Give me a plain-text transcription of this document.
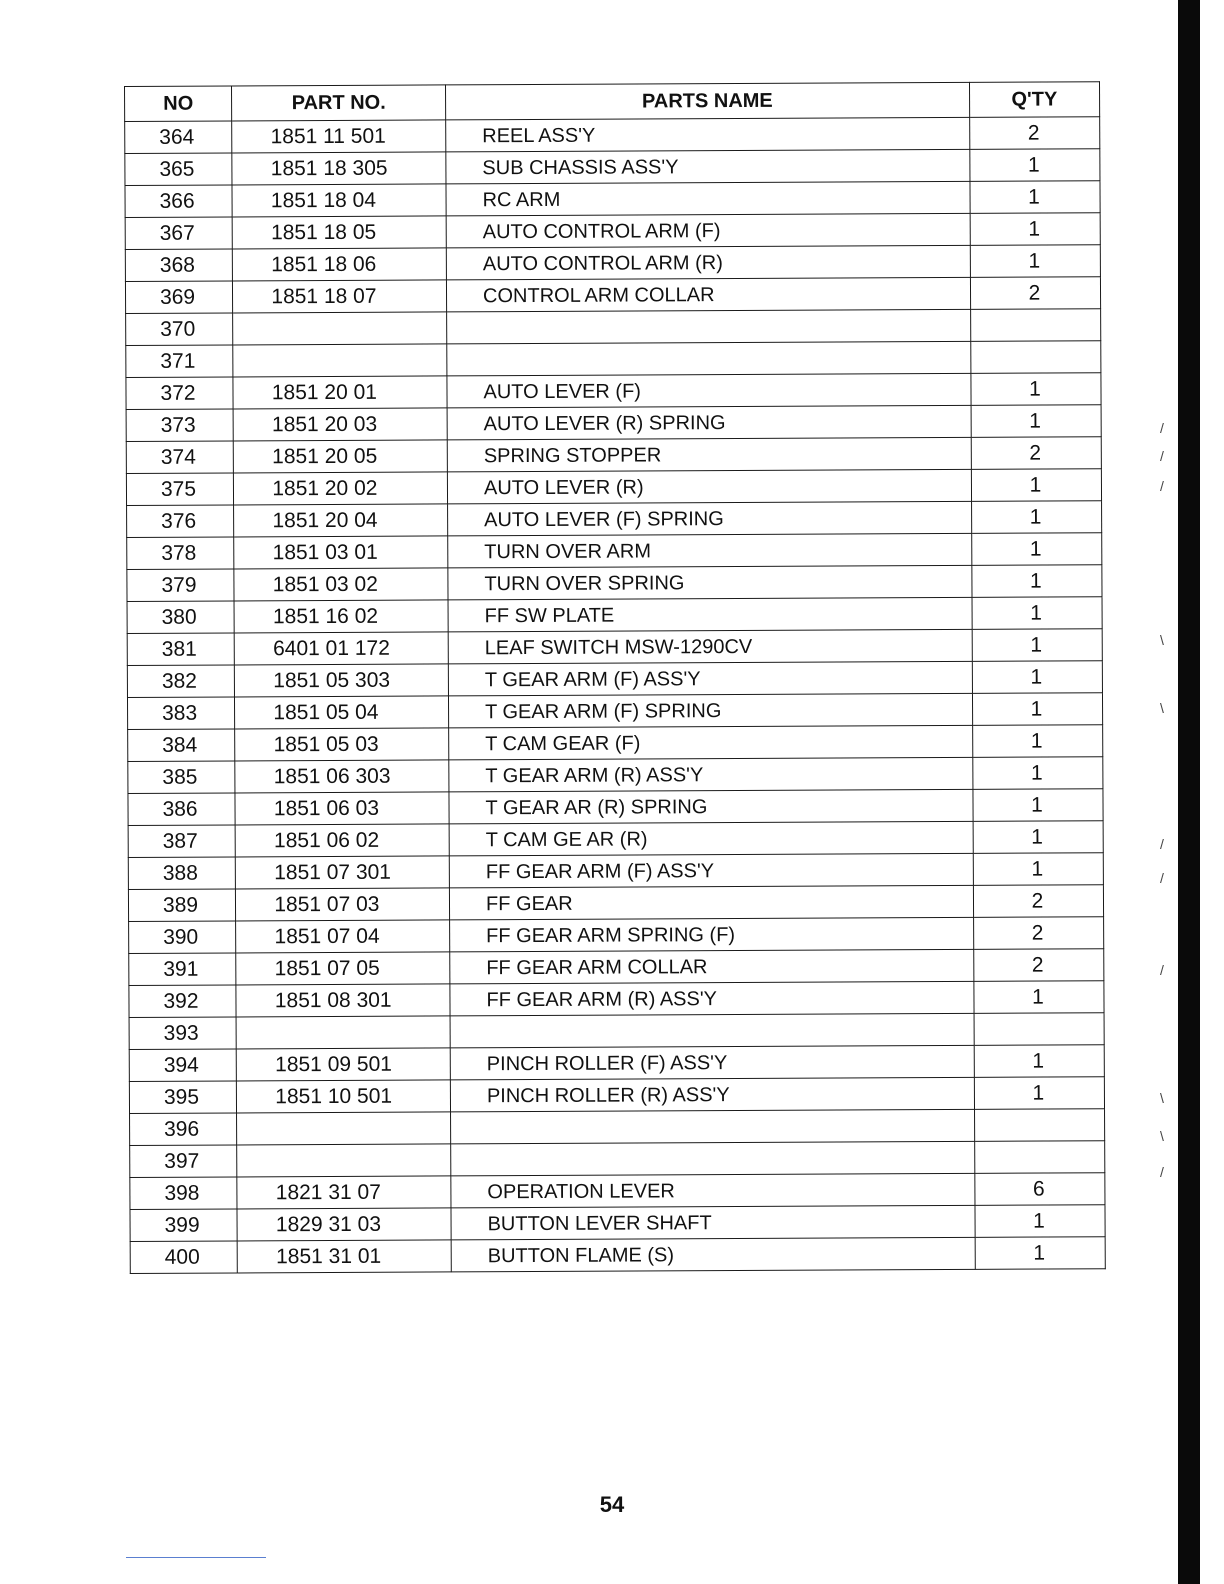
NO	PART NO.	PARTS NAME	Q'TY
364	1851 11 501	REEL ASS'Y	2
365	1851 18 305	SUB CHASSIS ASS'Y	1
366	1851 18 04	RC ARM	1
367	1851 18 05	AUTO CONTROL ARM (F)	1
368	1851 18 06	AUTO CONTROL ARM (R)	1
369	1851 18 07	CONTROL ARM COLLAR	2
370			
371			
372	1851 20 01	AUTO LEVER (F)	1
373	1851 20 03	AUTO LEVER (R) SPRING	1
374	1851 20 05	SPRING STOPPER	2
375	1851 20 02	AUTO LEVER (R)	1
376	1851 20 04	AUTO LEVER (F) SPRING	1
378	1851 03 01	TURN OVER ARM	1
379	1851 03 02	TURN OVER SPRING	1
380	1851 16 02	FF SW PLATE	1
381	6401 01 172	LEAF SWITCH MSW-1290CV	1
382	1851 05 303	T GEAR ARM (F) ASS'Y	1
383	1851 05 04	T GEAR ARM (F) SPRING	1
384	1851 05 03	T CAM GEAR (F)	1
385	1851 06 303	T GEAR ARM (R) ASS'Y	1
386	1851 06 03	T GEAR AR (R) SPRING	1
387	1851 06 02	T CAM GE AR (R)	1
388	1851 07 301	FF GEAR ARM (F) ASS'Y	1
389	1851 07 03	FF GEAR	2
390	1851 07 04	FF GEAR ARM SPRING (F)	2
391	1851 07 05	FF GEAR ARM COLLAR	2
392	1851 08 301	FF GEAR ARM (R) ASS'Y	1
393			
394	1851 09 501	PINCH ROLLER (F) ASS'Y	1
395	1851 10 501	PINCH ROLLER (R) ASS'Y	1
396			
397			
398	1821 31 07	OPERATION LEVER	6
399	1829 31 03	BUTTON LEVER SHAFT	1
400	1851 31 01	BUTTON FLAME (S)	1
/
/
/
\
\
/
/
/
\
\
/
54
